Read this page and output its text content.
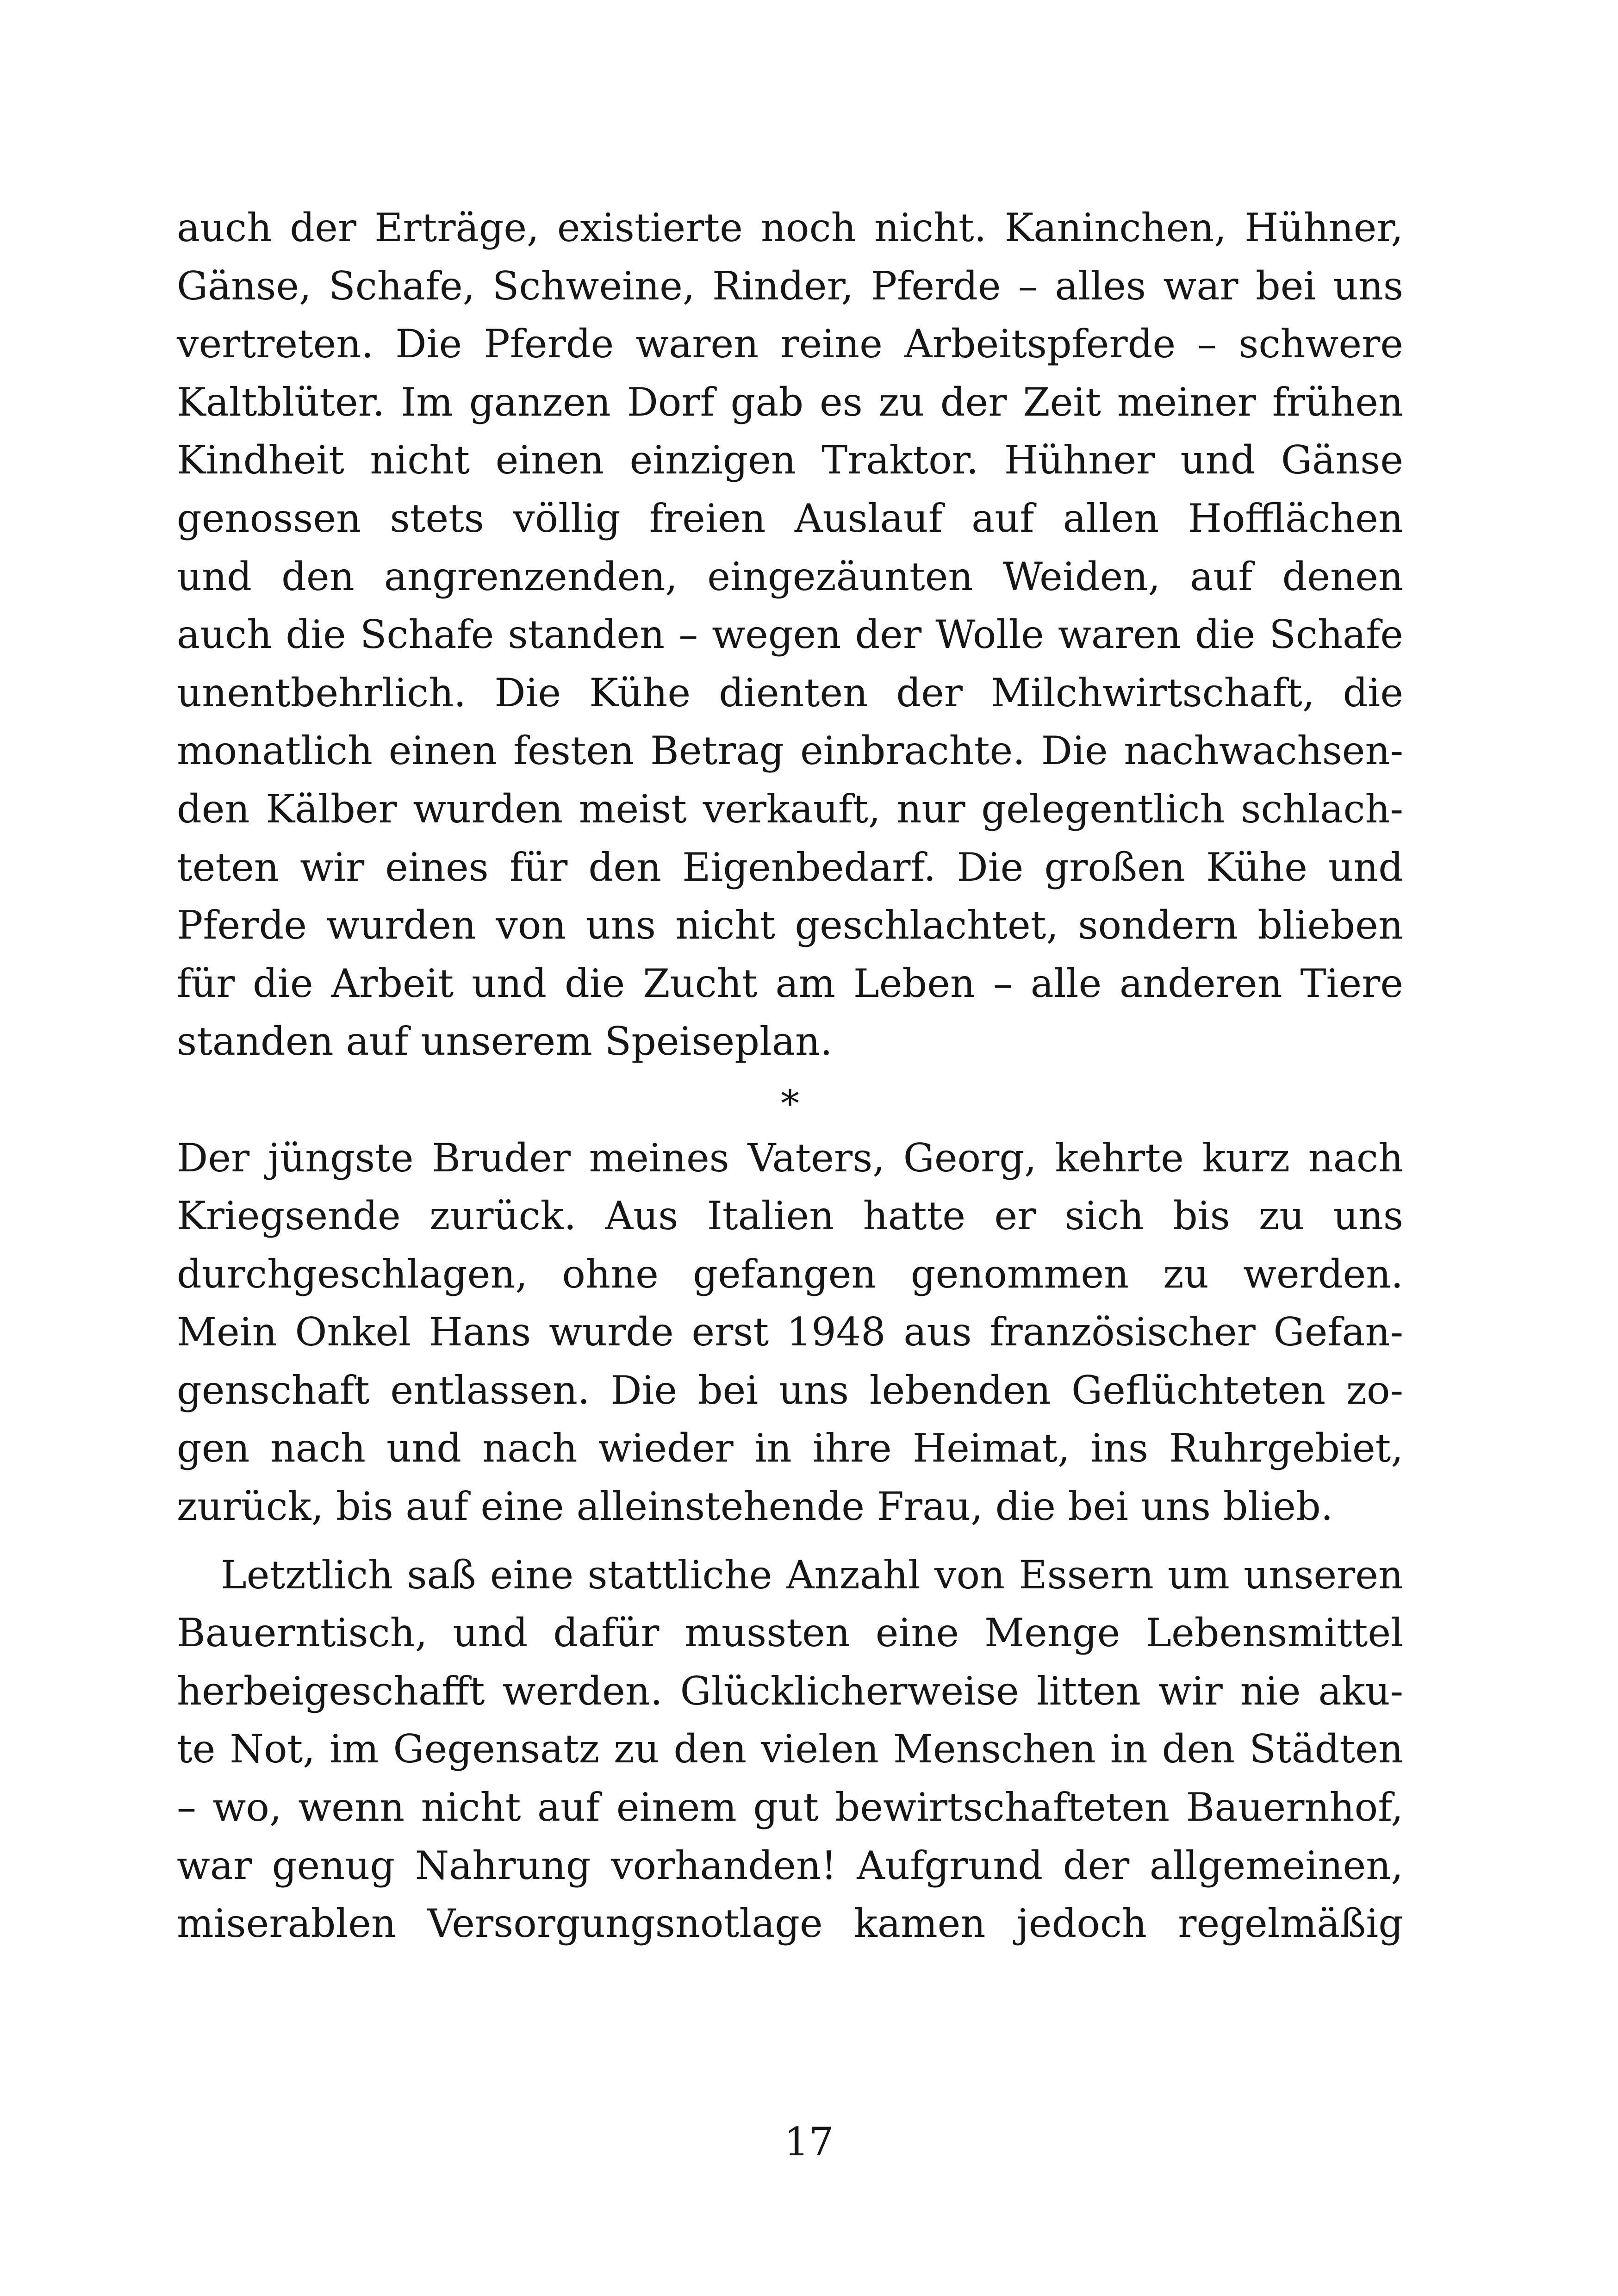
auch der Erträge, existierte noch nicht. Kaninchen, Hühner,
Gänse, Schafe, Schweine, Rinder, Pferde – alles war bei uns
vertreten. Die Pferde waren reine Arbeitspferde – schwere
Kaltblüter. Im ganzen Dorf gab es zu der Zeit meiner frühen
Kindheit nicht einen einzigen Traktor. Hühner und Gänse
genossen stets völlig freien Auslauf auf allen Hofflächen
und den angrenzenden, eingezäunten Weiden, auf denen
auch die Schafe standen – wegen der Wolle waren die Schafe
unentbehrlich. Die Kühe dienten der Milchwirtschaft, die
monatlich einen festen Betrag einbrachte. Die nachwachsen-
den Kälber wurden meist verkauft, nur gelegentlich schlach-
teten wir eines für den Eigenbedarf. Die großen Kühe und
Pferde wurden von uns nicht geschlachtet, sondern blieben
für die Arbeit und die Zucht am Leben – alle anderen Tiere
standen auf unserem Speiseplan.
*
Der jüngste Bruder meines Vaters, Georg, kehrte kurz nach
Kriegsende zurück. Aus Italien hatte er sich bis zu uns
durchgeschlagen, ohne gefangen genommen zu werden.
Mein Onkel Hans wurde erst 1948 aus französischer Gefan-
genschaft entlassen. Die bei uns lebenden Geflüchteten zo-
gen nach und nach wieder in ihre Heimat, ins Ruhrgebiet,
zurück, bis auf eine alleinstehende Frau, die bei uns blieb.
Letztlich saß eine stattliche Anzahl von Essern um unseren
Bauerntisch, und dafür mussten eine Menge Lebensmittel
herbeigeschafft werden. Glücklicherweise litten wir nie aku-
te Not, im Gegensatz zu den vielen Menschen in den Städten
– wo, wenn nicht auf einem gut bewirtschafteten Bauernhof,
war genug Nahrung vorhanden! Aufgrund der allgemeinen,
miserablen Versorgungsnotlage kamen jedoch regelmäßig
17
